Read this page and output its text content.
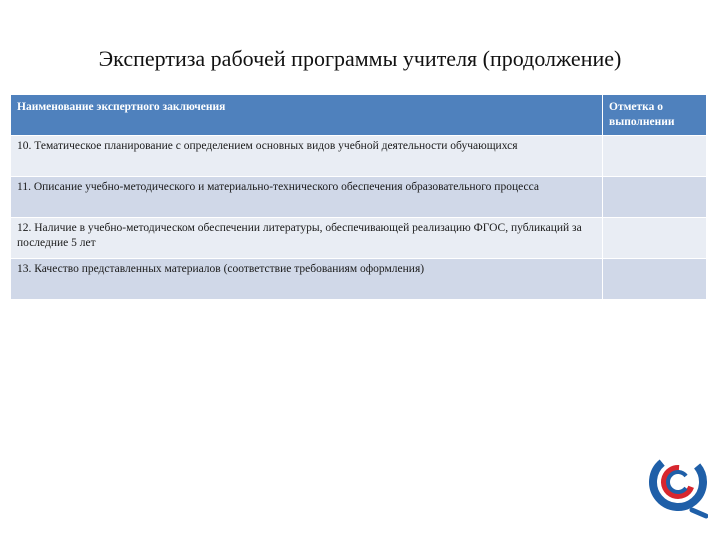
Экспертиза рабочей программы учителя (продолжение)
Наименование экспертного заключения	Отметка о выполнении
10. Тематическое планирование с определением основных видов учебной деятельности обучающихся	
11. Описание учебно-методического и материально-технического обеспечения образовательного процесса	
12. Наличие в учебно-методическом обеспечении литературы, обеспечивающей реализацию ФГОС, публикаций за последние 5 лет	
13. Качество представленных материалов (соответствие требованиям оформления)	
